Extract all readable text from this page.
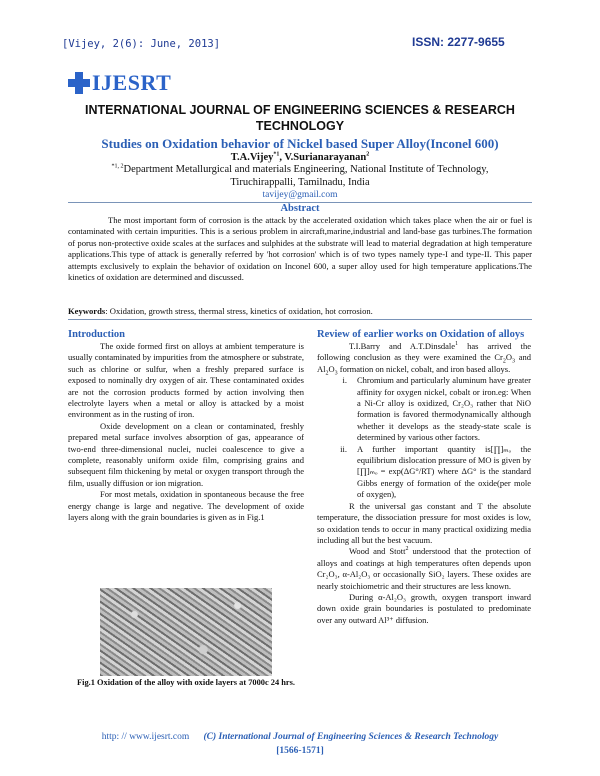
[Vijey, 2(6): June, 2013]	ISSN: 2277-9655
IJESRT
INTERNATIONAL JOURNAL OF ENGINEERING SCIENCES & RESEARCH
TECHNOLOGY
Studies on Oxidation behavior of Nickel based Super Alloy(Inconel 600)
T.A.Vijey$^{*1}$, V.Surianarayanan$^2$
$^{*1, 2}$Department Metallurgical and materials Engineering, National Institute of Technology,
Tiruchirappalli, Tamilnadu, India
tavijey@gmail.com
Abstract
The most important form of corrosion is the attack by the accelerated oxidation which takes place when the air or fuel is contaminated with certain impurities. This is a serious problem in aircraft,marine,industrial and land-base gas turbines.The formation of porus non-protective oxide scales at the surfaces and sulphides at the substrate will lead to material degradation at high temperature applications.This type of attack is generally referred by 'hot corrosion' which is of two types namely type-I and type-II. This paper attempts exclusively to explain the behavior of oxidation on Inconel 600, a super alloy used for high temperature applications.The kinetics of oxidation are determined and discussed.
Keywords: Oxidation, growth stress, thermal stress, kinetics of oxidation, hot corrosion.
Introduction

The oxide formed first on alloys at ambient temperature is usually contaminated by impurities from the atmosphere or substrate, such as chlorine or sulfur, when a freshly prepared surface is exposed to nominally dry oxygen of air. These contaminated oxides are not the corrosion products formed by action involving then electrolyte layers when a metal or alloy is attacked by a moist environment as in the rusting of iron.

Oxide development on a clean or contaminated, freshly prepared metal surface involves absorption of gas, appearance of two-end three-dimensional nuclei, nuclei coalescence to give a complete, reasonably uniform oxide film, comprising grains and subsequent film thickening by metal or oxygen transport through the film, usually diffusion or ion migration.

For most metals, oxidation in spontaneous because the free energy change is large and negative. The development of oxide layers along with the grain boundaries is given as in Fig.1

Fig.1 Oxidation of the alloy with oxide layers at 7000c 24 hrs.
Review of earlier works on Oxidation of alloys

T.I.Barry and A.T.Dinsdale$^1$ has arrived the following conclusion as they were examined the $Cr_2O_3$ and $Al_2O_3$ formation on nickel, cobalt, and iron based alloys.

i.	Chromium and particularly aluminum have greater affinity for oxygen nickel, cobalt or iron.eg: When a Ni-Cr alloy is oxidized, Cr₂O₃ rather that NiO formation is favored thermodynamically although whether it develops as the steady-state scale is determined by various other factors.
ii.	A further important quantity is[∏]ₘₒ the equilibrium dislocation pressure of MO is given by [∏]ₘₒ = exp(ΔG°/RT) where ΔG° is the standard Gibbs energy of formation of the oxide(per mole of oxygen),

R the universal gas constant and T the absolute temperature, the dissociation pressure for most oxides is low, so oxidation tends to occur in many practical oxidizing media including all but the best vacuum.

Wood and Stott$^2$ understood that the protection of alloys and coatings at high temperatures often depends upon Cr₂O₃, α-Al₂O₃ or occasionally SiO₂ layers. These oxides are nearly stoichiometric and their structures are less known.

During α-Al₂O₃ growth, oxygen transport inward down oxide grain boundaries is postulated to predominate over any outward Al³⁺ diffusion.

http: // www.ijesrt.com (C) International Journal of Engineering Sciences & Research Technology
[1566-1571]
